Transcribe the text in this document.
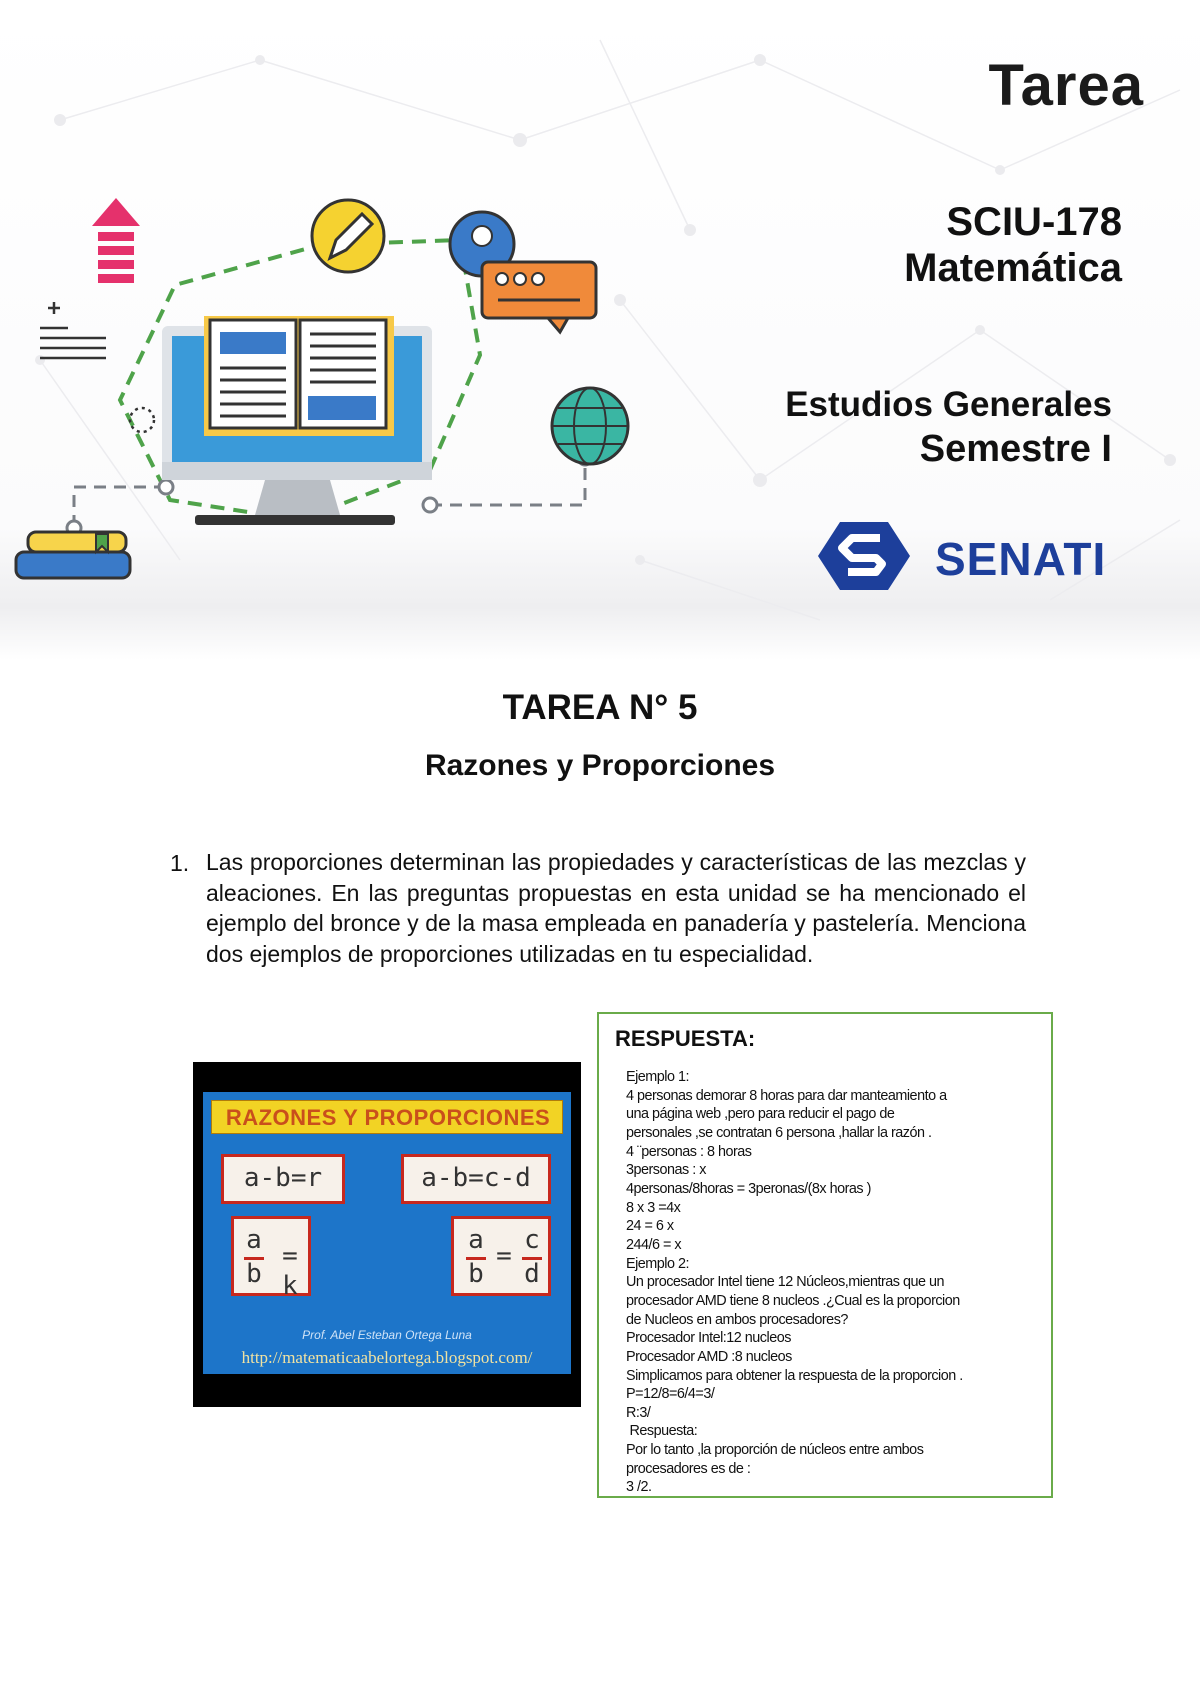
Tarea
SCIU-178
Matemática
Estudios Generales
Semestre I
SENATI
TAREA N° 5
Razones y Proporciones
1. Las proporciones determinan las propiedades y características de las mezclas y aleaciones. En las preguntas propuestas en esta unidad se ha mencionado el ejemplo del bronce y de la masa empleada en panadería y pastelería. Menciona dos ejemplos de proporciones utilizadas en tu especialidad.
RAZONES Y PROPORCIONES
a-b=r	a-b=c-d
a
b
= k
a
b
=
c
d
Prof. Abel Esteban Ortega Luna
http://matematicaabelortega.blogspot.com/
RESPUESTA:
Ejemplo 1:
4 personas demorar 8 horas para dar manteamiento a
una página web ,pero para reducir el pago de
personales ,se contratan 6 persona ,hallar la razón .
4 ¨personas : 8 horas
3personas : x
4personas/8horas = 3peronas/(8x horas )
8 x 3 =4x
24 = 6 x
244/6 = x
Ejemplo 2:
Un procesador Intel tiene 12 Núcleos,mientras que un
procesador AMD tiene 8 nucleos .¿Cual es la proporcion
de Nucleos en ambos procesadores?
Procesador Intel:12 nucleos
Procesador AMD :8 nucleos
Simplicamos para obtener la respuesta de la proporcion .
P=12/8=6/4=3/
R:3/
Respuesta:
Por lo tanto ,la proporción de núcleos entre ambos
procesadores es de :
3 /2.
